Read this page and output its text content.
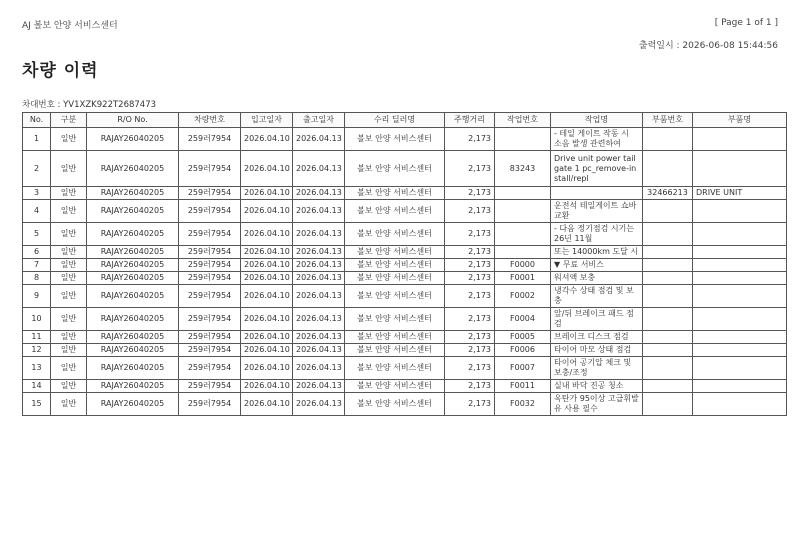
AJ 볼보 안양 서비스센터	[ Page 1 of 1 ]
출력일시 : 2026-06-08 15:44:56
차량 이력
차대번호 : YV1XZK922T2687473
No.	구분	R/O No.	차량번호	입고일자	출고일자	수리 딜러명	주행거리	작업번호	작업명	부품번호	부품명
1	일반	RAJAY26040205	259러7954	2026.04.10	2026.04.13	볼보 안양 서비스센터	2,173		- 테일 게이트 작동 시 소음 발생 관련하여		
2	일반	RAJAY26040205	259러7954	2026.04.10	2026.04.13	볼보 안양 서비스센터	2,173	83243	Drive unit power tailgate 1 pc_remove-install/repl		
3	일반	RAJAY26040205	259러7954	2026.04.10	2026.04.13	볼보 안양 서비스센터	2,173			32466213	DRIVE UNIT
4	일반	RAJAY26040205	259러7954	2026.04.10	2026.04.13	볼보 안양 서비스센터	2,173		운전석 테일게이트 쇼바 교환		
5	일반	RAJAY26040205	259러7954	2026.04.10	2026.04.13	볼보 안양 서비스센터	2,173		- 다음 정기점검 시기는 26년 11월		
6	일반	RAJAY26040205	259러7954	2026.04.10	2026.04.13	볼보 안양 서비스센터	2,173		또는 14000km 도달 시		
7	일반	RAJAY26040205	259러7954	2026.04.10	2026.04.13	볼보 안양 서비스센터	2,173	F0000	▼ 무료 서비스		
8	일반	RAJAY26040205	259러7954	2026.04.10	2026.04.13	볼보 안양 서비스센터	2,173	F0001	워셔액 보충		
9	일반	RAJAY26040205	259러7954	2026.04.10	2026.04.13	볼보 안양 서비스센터	2,173	F0002	냉각수 상태 점검 및 보충		
10	일반	RAJAY26040205	259러7954	2026.04.10	2026.04.13	볼보 안양 서비스센터	2,173	F0004	앞/뒤 브레이크 패드 점검		
11	일반	RAJAY26040205	259러7954	2026.04.10	2026.04.13	볼보 안양 서비스센터	2,173	F0005	브레이크 디스크 점검		
12	일반	RAJAY26040205	259러7954	2026.04.10	2026.04.13	볼보 안양 서비스센터	2,173	F0006	타이어 마모 상태 점검		
13	일반	RAJAY26040205	259러7954	2026.04.10	2026.04.13	볼보 안양 서비스센터	2,173	F0007	타이어 공기압 체크 및 보충/조정		
14	일반	RAJAY26040205	259러7954	2026.04.10	2026.04.13	볼보 안양 서비스센터	2,173	F0011	실내 바닥 진공 청소		
15	일반	RAJAY26040205	259러7954	2026.04.10	2026.04.13	볼보 안양 서비스센터	2,173	F0032	옥탄가 95이상 고급휘발유 사용 필수		
